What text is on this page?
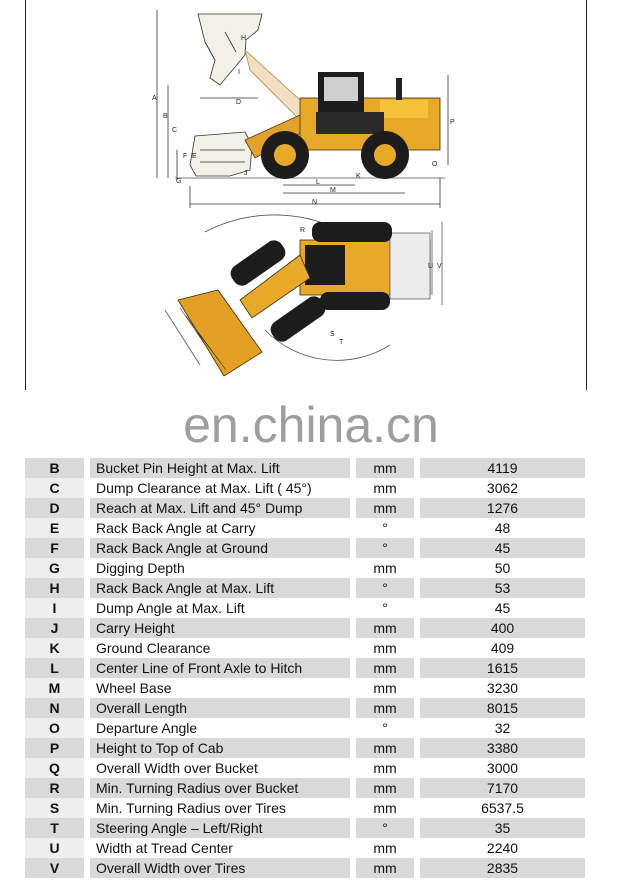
A
B
C
D
E
F
G
H
I
J	K
L
M
N
O
P
R
S
T
U V
en.china.cn
B	Bucket Pin Height at Max. Lift	mm	4119
C	Dump Clearance at Max. Lift ( 45°)	mm	3062
D	Reach at Max. Lift and 45° Dump	mm	1276
E	Rack Back Angle at Carry	°	48
F	Rack Back Angle at Ground	°	45
G	Digging Depth	mm	50
H	Rack Back Angle at Max. Lift	°	53
I	Dump Angle at Max. Lift	°	45
J	Carry Height	mm	400
K	Ground Clearance	mm	409
L	Center Line of Front Axle to Hitch	mm	1615
M	Wheel Base	mm	3230
N	Overall Length	mm	8015
O	Departure Angle	°	32
P	Height to Top of Cab	mm	3380
Q	Overall Width over Bucket	mm	3000
R	Min. Turning Radius over Bucket	mm	7170
S	Min. Turning Radius over Tires	mm	6537.5
T	Steering Angle – Left/Right	°	35
U	Width at Tread Center	mm	2240
V	Overall Width over Tires	mm	2835
